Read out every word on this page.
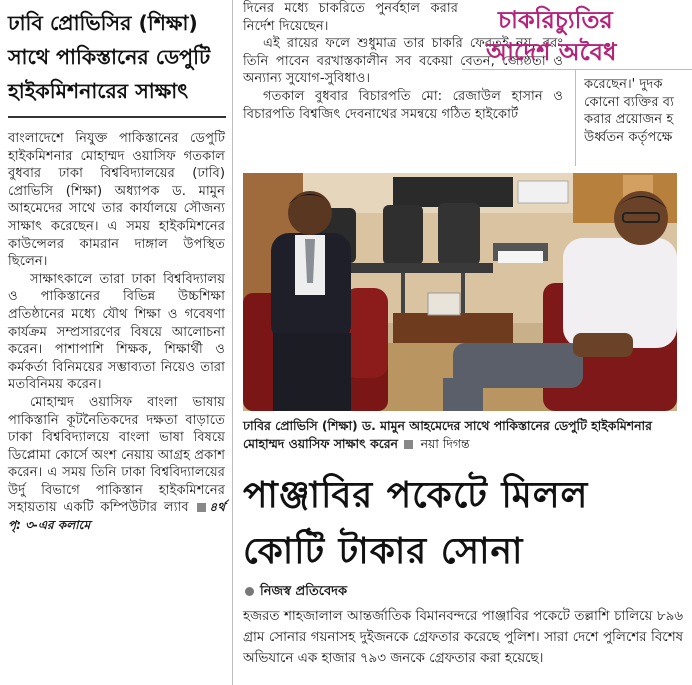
ঢাবি প্রোভিসির (শিক্ষা)
সাথে পাকিস্তানের ডেপুটি
হাইকমিশনারের সাক্ষাৎ

বাংলাদেশে নিযুক্ত পাকিস্তানের ডেপুটি হাইকমিশনার মোহাম্মদ ওয়াসিফ গতকাল বুধবার ঢাকা বিশ্ববিদ্যালয়ের (ঢাবি) প্রোভিসি (শিক্ষা) অধ্যাপক ড. মামুন আহমেদের সাথে তার কার্যালয়ে সৌজন্য সাক্ষাৎ করেছেন। এ সময় হাইকমিশনের কাউন্সেলর কামরান দাঙ্গাল উপস্থিত ছিলেন।

সাক্ষাৎকালে তারা ঢাকা বিশ্ববিদ্যালয় ও পাকিস্তানের বিভিন্ন উচ্চশিক্ষা প্রতিষ্ঠানের মধ্যে যৌথ শিক্ষা ও গবেষণা কার্যক্রম সম্প্রসারণের বিষয়ে আলোচনা করেন। পাশাপাশি শিক্ষক, শিক্ষার্থী ও কর্মকর্তা বিনিময়ের সম্ভাব্যতা নিয়েও তারা মতবিনিময় করেন।

মোহাম্মদ ওয়াসিফ বাংলা ভাষায় পাকিস্তানি কূটনৈতিকদের দক্ষতা বাড়াতে ঢাকা বিশ্ববিদ্যালয়ে বাংলা ভাষা বিষয়ে ডিপ্লোমা কোর্সে অংশ নেয়ায় আগ্রহ প্রকাশ করেন। এ সময় তিনি ঢাকা বিশ্ববিদ্যালয়ের উর্দু বিভাগে পাকিস্তান হাইকমিশনের সহায়তায় একটি কম্পিউটার ল্যাব ৪র্থ পৃ: ৩-এর কলামে

দিনের মধ্যে চাকরিতে পুনর্বহাল করার নির্দেশ দিয়েছেন।

এই রায়ের ফলে শুধুমাত্র তার চাকরি ফেরতই নয়, বরং তিনি পাবেন বরখাস্তকালীন সব বকেয়া বেতন, জ্যেষ্ঠতা ও অন্যান্য সুযোগ-সুবিধাও।

গতকাল বুধবার বিচারপতি মো: রেজাউল হাসান ও বিচারপতি বিশ্বজিৎ দেবনাথের সমন্বয়ে গঠিত হাইকোর্ট

চাকরিচ্যুতির
আদেশ অবৈধ

করেছেন।' দুদক

কোনো ব্যক্তির ব্য

করার প্রয়োজন হ

উর্ধ্বতন কর্তৃপক্ষে

ঢাবির প্রোভিসি (শিক্ষা) ড. মামুন আহমেদের সাথে পাকিস্তানের ডেপুটি হাইকমিশনার মোহাম্মদ ওয়াসিফ সাক্ষাৎ করেন নয়া দিগন্ত
পাঞ্জাবির পকেটে মিলল
কোটি টাকার সোনা
নিজস্ব প্রতিবেদক

হজরত শাহজালাল আন্তর্জাতিক বিমানবন্দরে পাঞ্জাবির পকেটে তল্লাশি চালিয়ে ৮৯৬ গ্রাম সোনার গয়নাসহ দুইজনকে গ্রেফতার করেছে পুলিশ। সারা দেশে পুলিশের বিশেষ অভিযানে এক হাজার ৭৯৩ জনকে গ্রেফতার করা হয়েছে।
